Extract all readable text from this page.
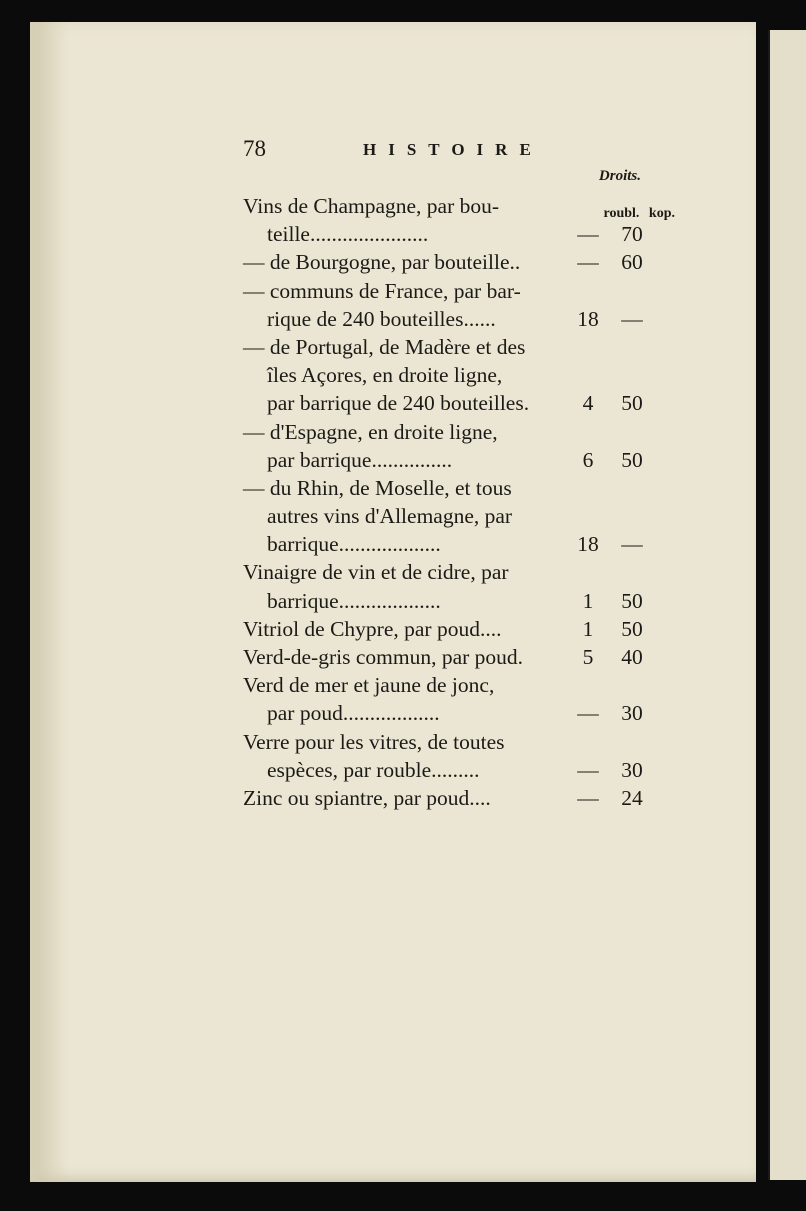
78	HISTOIRE
Droits.
roubl. kop.
Vins de Champagne, par bou-
teille......................	— 70
— de Bourgogne, par bouteille..	— 60
— communs de France, par bar-
rique de 240 bouteilles......	18 —
— de Portugal, de Madère et des
îles Açores, en droite ligne,
par barrique de 240 bouteilles.	4	50
— d'Espagne, en droite ligne,
par barrique...............	6	50
— du Rhin, de Moselle, et tous
autres vins d'Allemagne, par
barrique...................	18 —
Vinaigre de vin et de cidre, par
barrique...................	1	50
Vitriol de Chypre, par poud....	1	50
Verd-de-gris commun, par poud.	5	40
Verd de mer et jaune de jonc,
par poud..................	— 30
Verre pour les vitres, de toutes
espèces, par rouble.........	— 30
Zinc ou spiantre, par poud....	— 24
